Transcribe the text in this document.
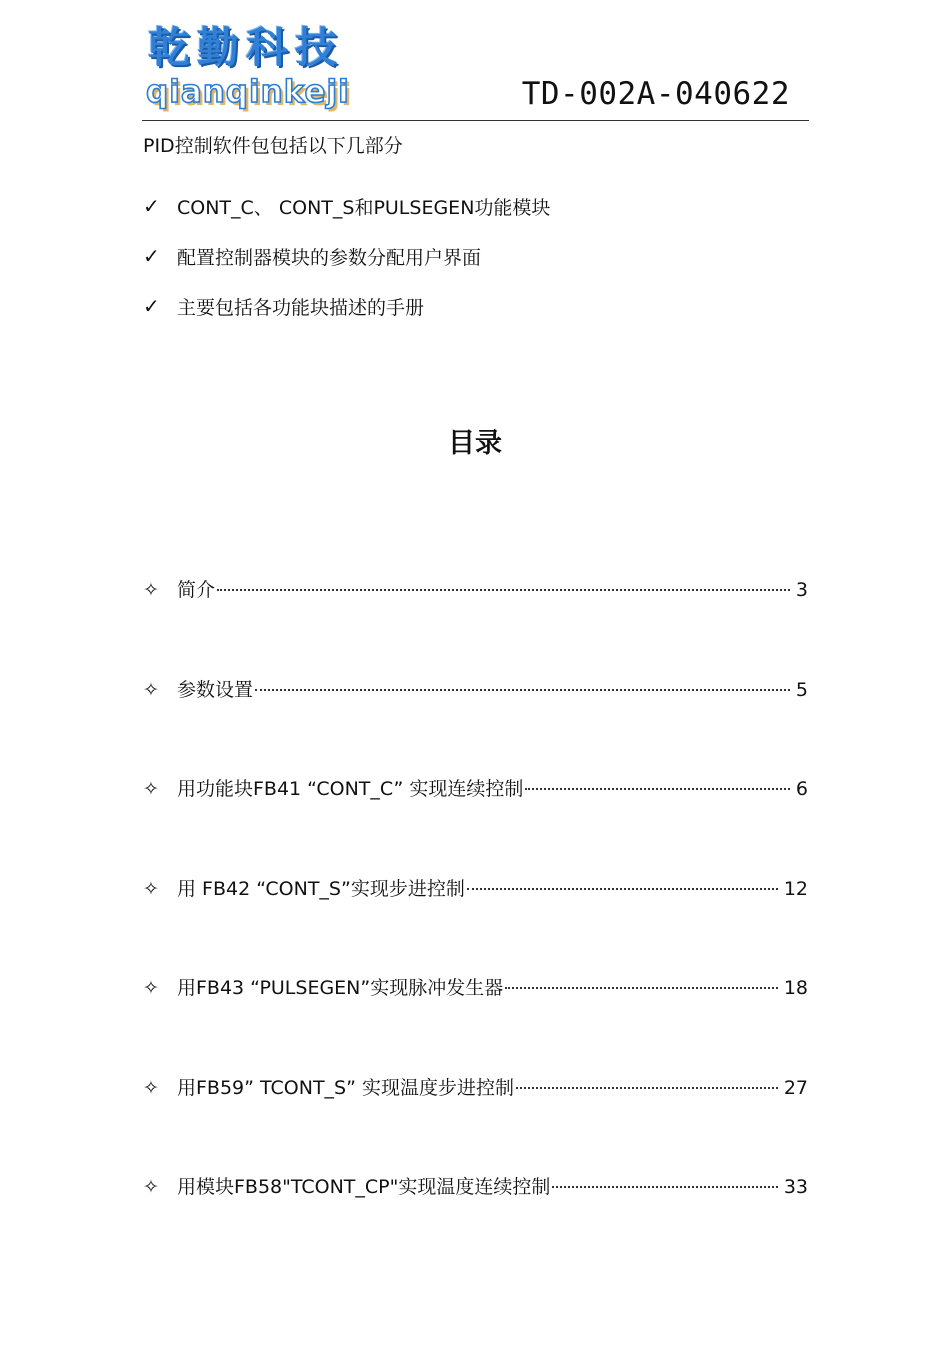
乾勤科技
qianqinkeji	TD-002A-040622
PID控制软件包包括以下几部分
✓ CONT_C、 CONT_S和PULSEGEN功能模块
✓ 配置控制器模块的参数分配用户界面
✓ 主要包括各功能块描述的手册
目录
✧ 简介	3
✧ 参数设置	5
✧ 用功能块FB41 “CONT_C” 实现连续控制	6
✧ 用 FB42 “CONT_S”实现步进控制	12
✧ 用FB43 “PULSEGEN”实现脉冲发生器	18
✧ 用FB59” TCONT_S” 实现温度步进控制	27
✧ 用模块FB58"TCONT_CP"实现温度连续控制	33
